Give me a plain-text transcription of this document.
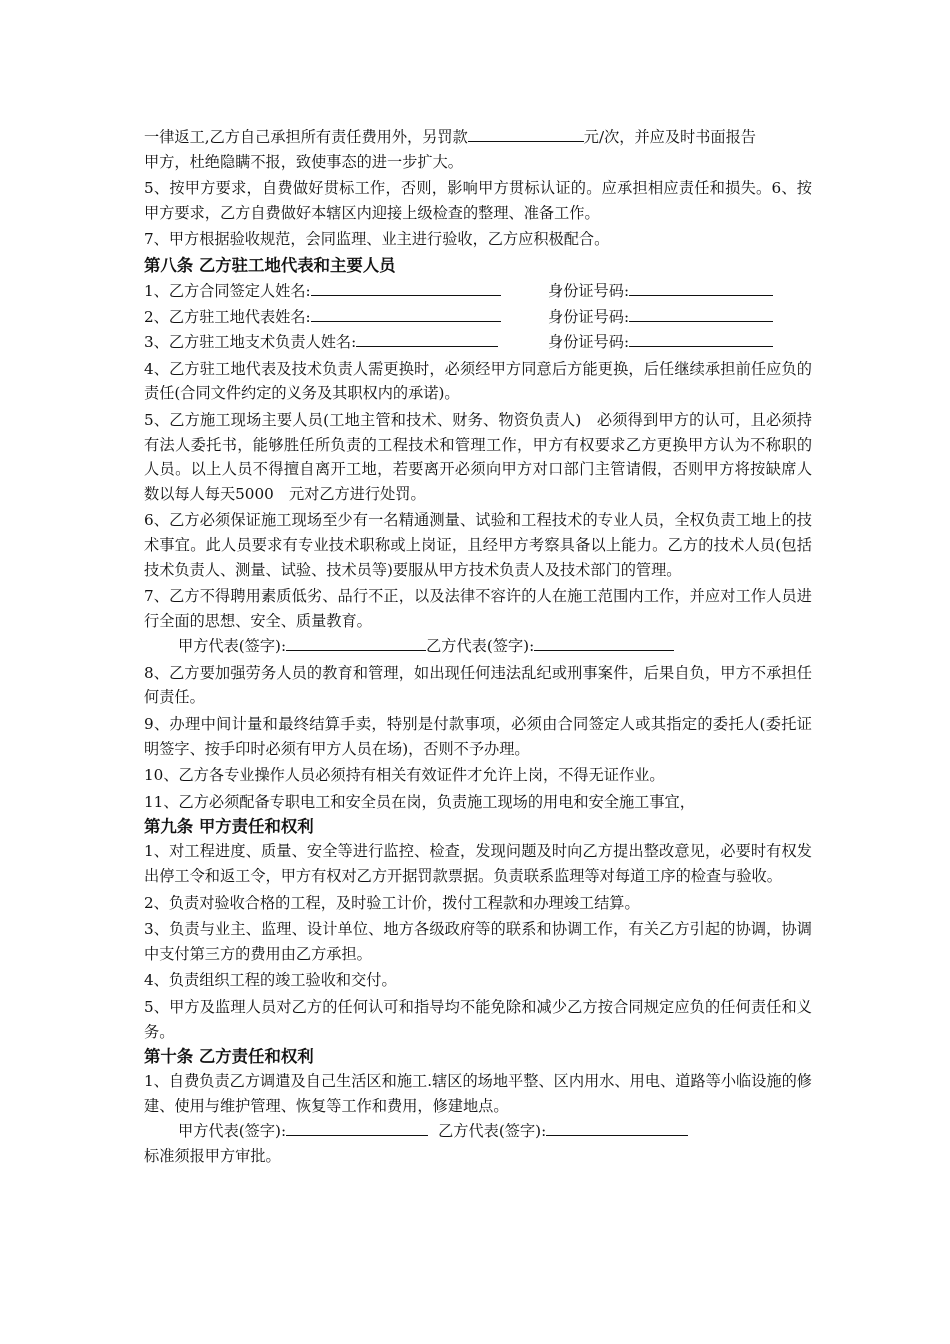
一律返工,乙方自己承担所有责任费用外，另罚款	元/次，并应及时书面报告

甲方，杜绝隐瞒不报，致使事态的进一步扩大。

5、按甲方要求，自费做好贯标工作，否则，影响甲方贯标认证的。应承担相应责任和损失。6、按甲方要求，乙方自费做好本辖区内迎接上级检查的整理、准备工作。

7、甲方根据验收规范，会同监理、业主进行验收，乙方应积极配合。

第八条 乙方驻工地代表和主要人员

1、乙方合同签定人姓名:	身份证号码:
2、乙方驻工地代表姓名:	身份证号码:
3、乙方驻工地支术负责人姓名:	身份证号码:

4、乙方驻工地代表及技术负责人需更换时，必须经甲方同意后方能更换，后任继续承担前任应负的责任(合同文件约定的义务及其职权内的承诺)。

5、乙方施工现场主要人员(工地主管和技术、财务、物资负责人)　必须得到甲方的认可，且必须持有法人委托书，能够胜任所负责的工程技术和管理工作，甲方有权要求乙方更换甲方认为不称职的人员。以上人员不得擅自离开工地，若要离开必须向甲方对口部门主管请假，否则甲方将按缺席人数以每人每天5000　元对乙方进行处罚。

6、乙方必须保证施工现场至少有一名精通测量、试验和工程技术的专业人员，全权负责工地上的技术事宜。此人员要求有专业技术职称或上岗证，且经甲方考察具备以上能力。乙方的技术人员(包括技术负责人、测量、试验、技术员等)要服从甲方技术负责人及技术部门的管理。

7、乙方不得聘用素质低劣、品行不正，以及法律不容许的人在施工范围内工作，并应对工作人员进行全面的思想、安全、质量教育。

甲方代表(签字):	乙方代表(签字):

8、乙方要加强劳务人员的教育和管理，如出现任何违法乱纪或刑事案件，后果自负，甲方不承担任何责任。

9、办理中间计量和最终结算手卖，特别是付款事项，必须由合同签定人或其指定的委托人(委托证明签字、按手印时必须有甲方人员在场)，否则不予办理。

10、乙方各专业操作人员必须持有相关有效证件才允许上岗，不得无证作业。

11、乙方必须配备专职电工和安全员在岗，负责施工现场的用电和安全施工事宜，

第九条 甲方责任和权利

1、对工程进度、质量、安全等进行监控、检查，发现问题及时向乙方提出整改意见，必要时有权发出停工令和返工令，甲方有权对乙方开据罚款票据。负责联系监理等对每道工序的检查与验收。

2、负责对验收合格的工程，及时验工计价，拨付工程款和办理竣工结算。

3、负责与业主、监理、设计单位、地方各级政府等的联系和协调工作，有关乙方引起的协调，协调中支付第三方的费用由乙方承担。

4、负责组织工程的竣工验收和交付。

5、甲方及监理人员对乙方的任何认可和指导均不能免除和减少乙方按合同规定应负的任何责任和义务。

第十条 乙方责任和权利

1、自费负责乙方调遣及自己生活区和施工.辖区的场地平整、区内用水、用电、道路等小临设施的修建、使用与维护管理、恢复等工作和费用，修建地点。

甲方代表(签字):	乙方代表(签字):

标准须报甲方审批。
